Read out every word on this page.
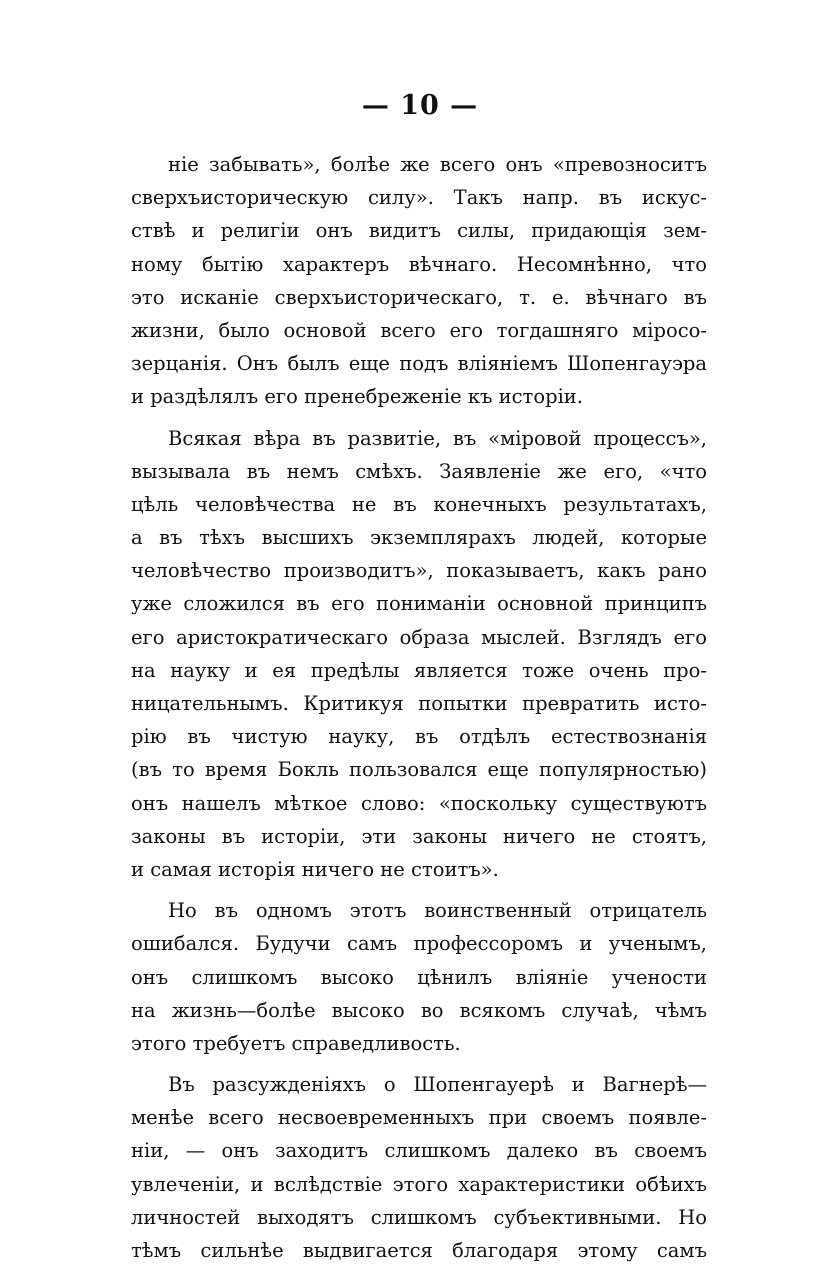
— 10 —
ніе забывать», болѣе же всего онъ «превозноситъ
сверхъисторическую силу». Такъ напр. въ искус-
ствѣ и религіи онъ видитъ силы, придающія зем-
ному бытію характеръ вѣчнаго. Несомнѣнно, что
это исканіе сверхъисторическаго, т. е. вѣчнаго въ
жизни, было основой всего его тогдашняго міросо-
зерцанія. Онъ былъ еще подъ вліяніемъ Шопенгауэра
и раздѣлялъ его пренебреженіе къ исторіи.
Всякая вѣра въ развитіе, въ «міровой процессъ»,
вызывала въ немъ смѣхъ. Заявленіе же его, «что
цѣль человѣчества не въ конечныхъ результатахъ,
а въ тѣхъ высшихъ экземплярахъ людей, которые
человѣчество производитъ», показываетъ, какъ рано
уже сложился въ его пониманіи основной принципъ
его аристократическаго образа мыслей. Взглядъ его
на науку и ея предѣлы является тоже очень про-
ницательнымъ. Критикуя попытки превратить исто-
рію въ чистую науку, въ отдѣлъ естествознанія
(въ то время Бокль пользовался еще популярностью)
онъ нашелъ мѣткое слово: «поскольку существуютъ
законы въ исторіи, эти законы ничего не стоятъ,
и самая исторія ничего не стоитъ».
Но въ одномъ этотъ воинственный отрицатель
ошибался. Будучи самъ профессоромъ и ученымъ,
онъ слишкомъ высоко цѣнилъ вліяніе учености
на жизнь—болѣе высоко во всякомъ случаѣ, чѣмъ
этого требуетъ справедливость.
Въ разсужденіяхъ о Шопенгауерѣ и Вагнерѣ—
менѣе всего несвоевременныхъ при своемъ появле-
ніи, — онъ заходитъ слишкомъ далеко въ своемъ
увлеченіи, и вслѣдствіе этого характеристики обѣихъ
личностей выходятъ слишкомъ субъективными. Но
тѣмъ сильнѣе выдвигается благодаря этому самъ
